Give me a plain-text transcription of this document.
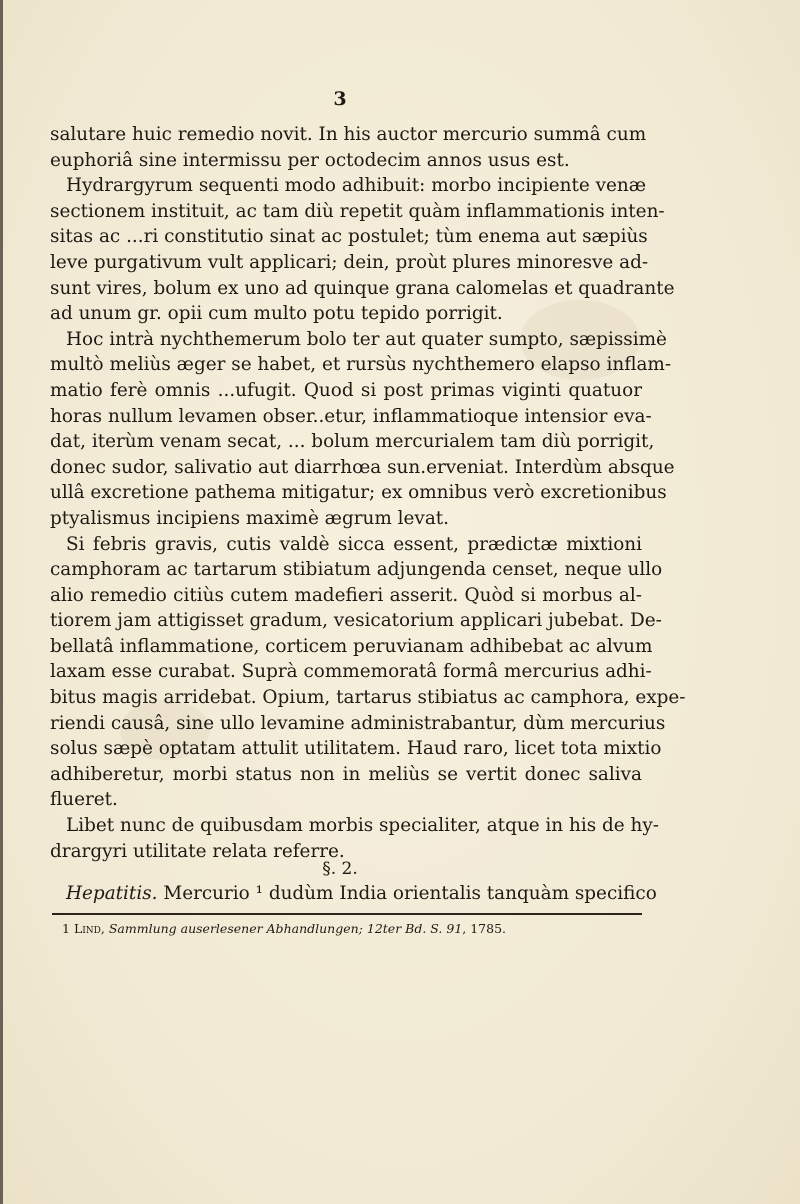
3
salutare huic remedio novit. In his auctor mercurio summâ cum
euphoriâ sine intermissu per octodecim annos usus est.
Hydrargyrum sequenti modo adhibuit: morbo incipiente venæ
sectionem instituit, ac tam diù repetit quàm inflammationis inten-
sitas ac ...ri constitutio sinat ac postulet; tùm enema aut sæpiùs
leve purgativum vult applicari; dein, proùt plures minoresve ad-
sunt vires, bolum ex uno ad quinque grana calomelas et quadrante
ad unum gr. opii cum multo potu tepido porrigit.
Hoc intrà nychthemerum bolo ter aut quater sumpto, sæpissimè
multò meliùs æger se habet, et rursùs nychthemero elapso inflam-
matio ferè omnis ...ufugit. Quod si post primas viginti quatuor
horas nullum levamen obser..etur, inflammatioque intensior eva-
dat, iterùm venam secat, ... bolum mercurialem tam diù porrigit,
donec sudor, salivatio aut diarrhœa sun.erveniat. Interdùm absque
ullâ excretione pathema mitigatur; ex omnibus verò excretionibus
ptyalismus incipiens maximè ægrum levat.
Si febris gravis, cutis valdè sicca essent, prædictæ mixtioni
camphoram ac tartarum stibiatum adjungenda censet, neque ullo
alio remedio citiùs cutem madefieri asserit. Quòd si morbus al-
tiorem jam attigisset gradum, vesicatorium applicari jubebat. De-
bellatâ inflammatione, corticem peruvianam adhibebat ac alvum
laxam esse curabat. Suprà commemoratâ formâ mercurius adhi-
bitus magis arridebat. Opium, tartarus stibiatus ac camphora, expe-
riendi causâ, sine ullo levamine administrabantur, dùm mercurius
solus sæpè optatam attulit utilitatem. Haud raro, licet tota mixtio
adhiberetur, morbi status non in meliùs se vertit donec saliva
flueret.
Libet nunc de quibusdam morbis specialiter, atque in his de hy-
drargyri utilitate relata referre.
§. 2.
Hepatitis. Mercurio ¹ dudùm India orientalis tanquàm specifico
1 Lind, Sammlung auserlesener Abhandlungen; 12ter Bd. S. 91, 1785.
